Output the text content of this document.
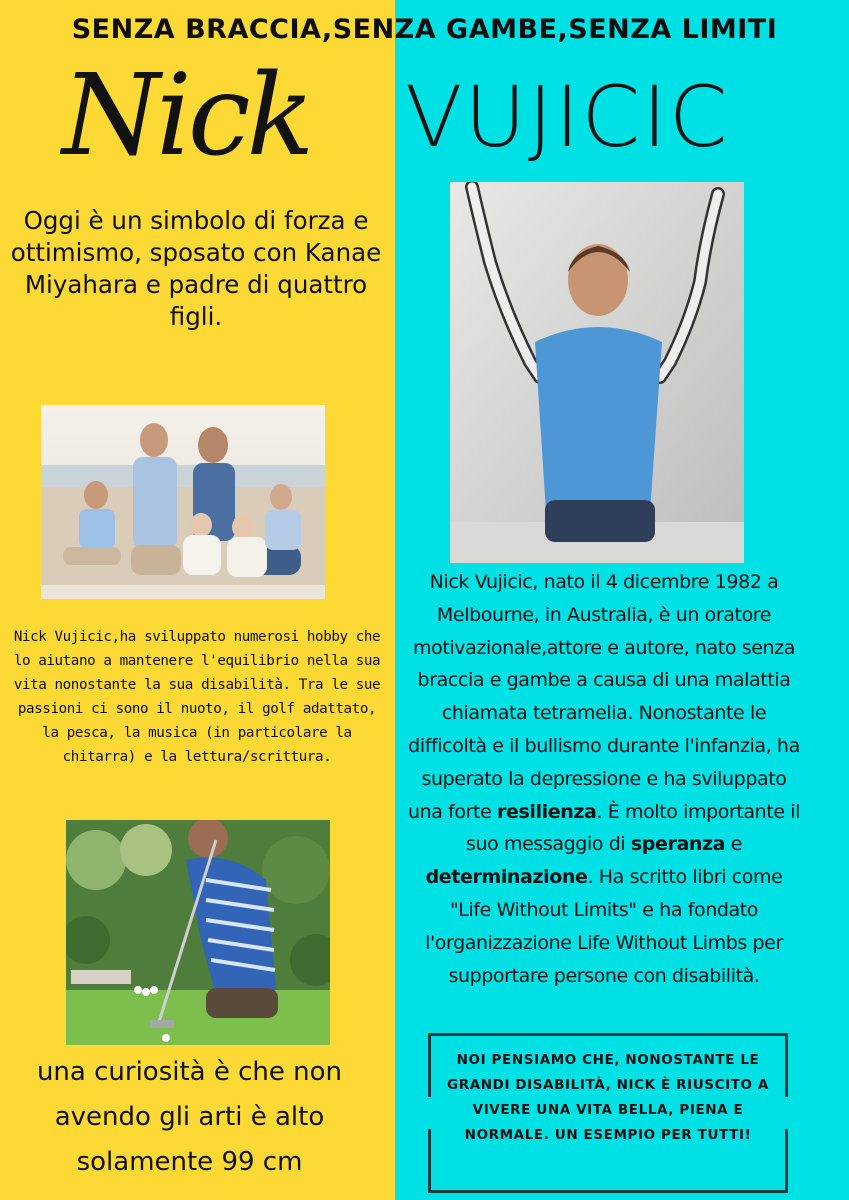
SENZA BRACCIA,SENZA GAMBE,SENZA LIMITI
Nick	VUJICIC
Oggi è un simbolo di forza e ottimismo, sposato con Kanae Miyahara e padre di quattro figli.
Nick Vujicic,ha sviluppato numerosi hobby che lo aiutano a mantenere l'equilibrio nella sua vita nonostante la sua disabilità. Tra le sue passioni ci sono il nuoto, il golf adattato, la pesca, la musica (in particolare la chitarra) e la lettura/scrittura.
una curiosità è che non avendo gli arti è alto solamente 99 cm
Nick Vujicic, nato il 4 dicembre 1982 a Melbourne, in Australia, è un oratore motivazionale,attore e autore, nato senza braccia e gambe a causa di una malattia chiamata tetramelia. Nonostante le difficoltà e il bullismo durante l'infanzia, ha superato la depressione e ha sviluppato una forte resilienza. È molto importante il suo messaggio di speranza e determinazione. Ha scritto libri come "Life Without Limits" e ha fondato l'organizzazione Life Without Limbs per supportare persone con disabilità.
NOI PENSIAMO CHE, NONOSTANTE LE GRANDI DISABILITÀ, NICK È RIUSCITO A VIVERE UNA VITA BELLA, PIENA E NORMALE. UN ESEMPIO PER TUTTI!
